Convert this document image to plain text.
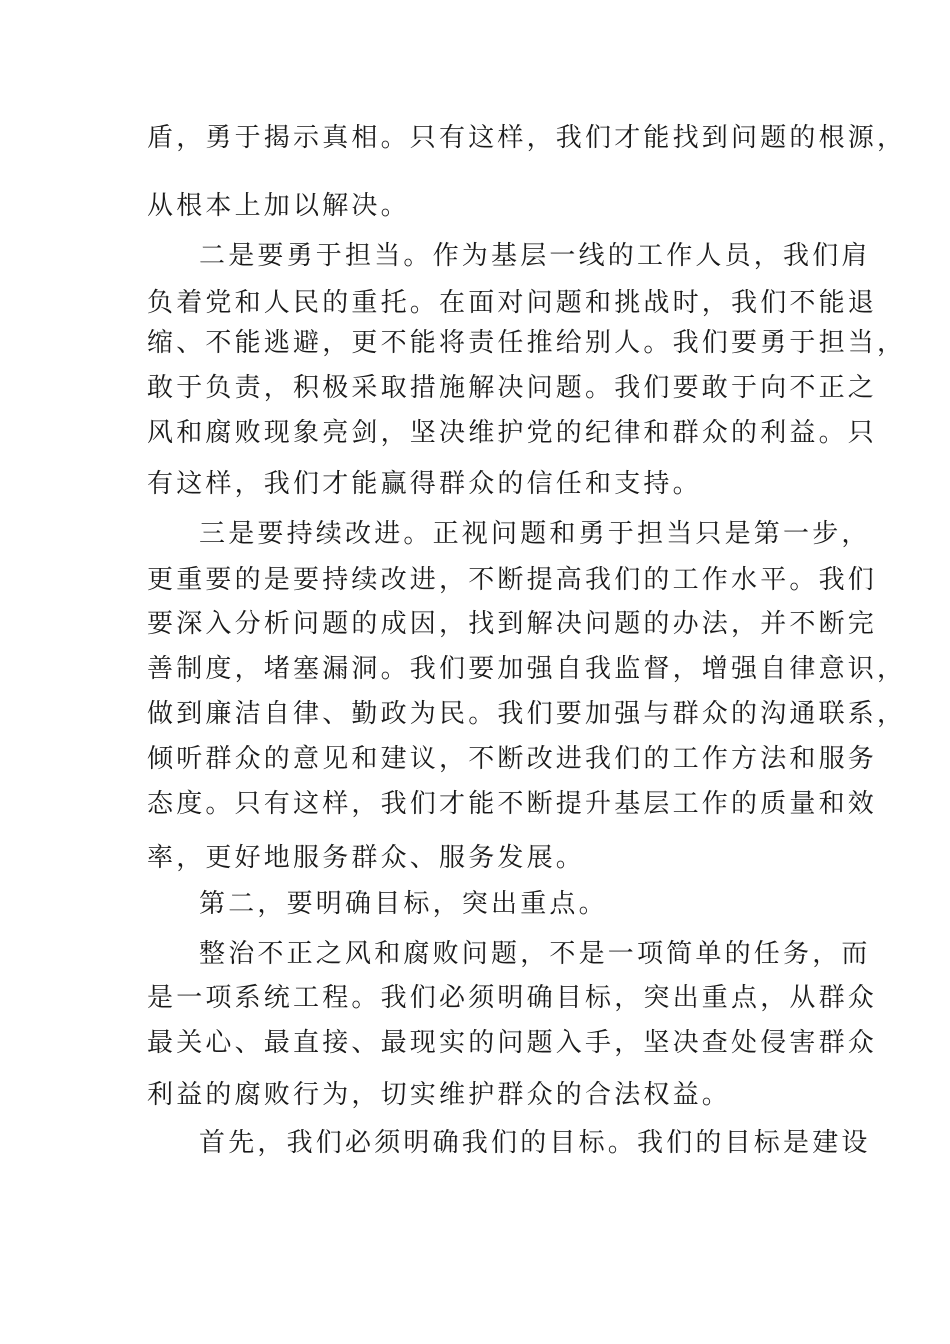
盾，勇于揭示真相。只有这样，我们才能找到问题的根源，
从根本上加以解决。
二是要勇于担当。作为基层一线的工作人员，我们肩
负着党和人民的重托。在面对问题和挑战时，我们不能退
缩、不能逃避，更不能将责任推给别人。我们要勇于担当，
敢于负责，积极采取措施解决问题。我们要敢于向不正之
风和腐败现象亮剑，坚决维护党的纪律和群众的利益。只
有这样，我们才能赢得群众的信任和支持。
三是要持续改进。正视问题和勇于担当只是第一步，
更重要的是要持续改进，不断提高我们的工作水平。我们
要深入分析问题的成因，找到解决问题的办法，并不断完
善制度，堵塞漏洞。我们要加强自我监督，增强自律意识，
做到廉洁自律、勤政为民。我们要加强与群众的沟通联系，
倾听群众的意见和建议，不断改进我们的工作方法和服务
态度。只有这样，我们才能不断提升基层工作的质量和效
率，更好地服务群众、服务发展。
第二，要明确目标，突出重点。
整治不正之风和腐败问题，不是一项简单的任务，而
是一项系统工程。我们必须明确目标，突出重点，从群众
最关心、最直接、最现实的问题入手，坚决查处侵害群众
利益的腐败行为，切实维护群众的合法权益。
首先，我们必须明确我们的目标。我们的目标是建设
